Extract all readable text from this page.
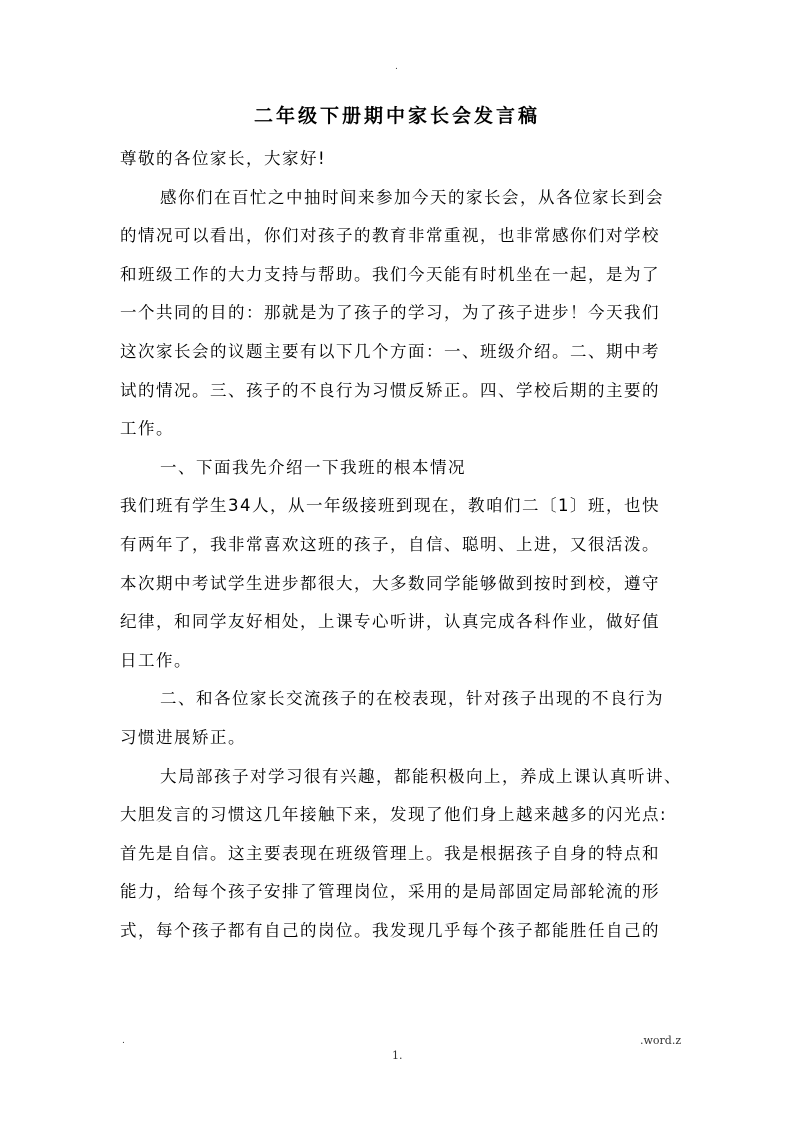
.
二年级下册期中家长会发言稿
尊敬的各位家长，大家好!
感你们在百忙之中抽时间来参加今天的家长会，从各位家长到会
的情况可以看出，你们对孩子的教育非常重视，也非常感你们对学校
和班级工作的大力支持与帮助。我们今天能有时机坐在一起，是为了
一个共同的目的：那就是为了孩子的学习，为了孩子进步！今天我们
这次家长会的议题主要有以下几个方面：一、班级介绍。二、期中考
试的情况。三、孩子的不良行为习惯反矫正。四、学校后期的主要的
工作。
一、下面我先介绍一下我班的根本情况
我们班有学生34人，从一年级接班到现在，教咱们二〔1〕班，也快
有两年了，我非常喜欢这班的孩子，自信、聪明、上进，又很活泼。
本次期中考试学生进步都很大，大多数同学能够做到按时到校，遵守
纪律，和同学友好相处，上课专心听讲，认真完成各科作业，做好值
日工作。
二、和各位家长交流孩子的在校表现，针对孩子出现的不良行为
习惯进展矫正。
大局部孩子对学习很有兴趣，都能积极向上，养成上课认真听讲、
大胆发言的习惯这几年接触下来，发现了他们身上越来越多的闪光点:
首先是自信。这主要表现在班级管理上。我是根据孩子自身的特点和
能力，给每个孩子安排了管理岗位，采用的是局部固定局部轮流的形
式，每个孩子都有自己的岗位。我发现几乎每个孩子都能胜任自己的
.	.word.z
1.
